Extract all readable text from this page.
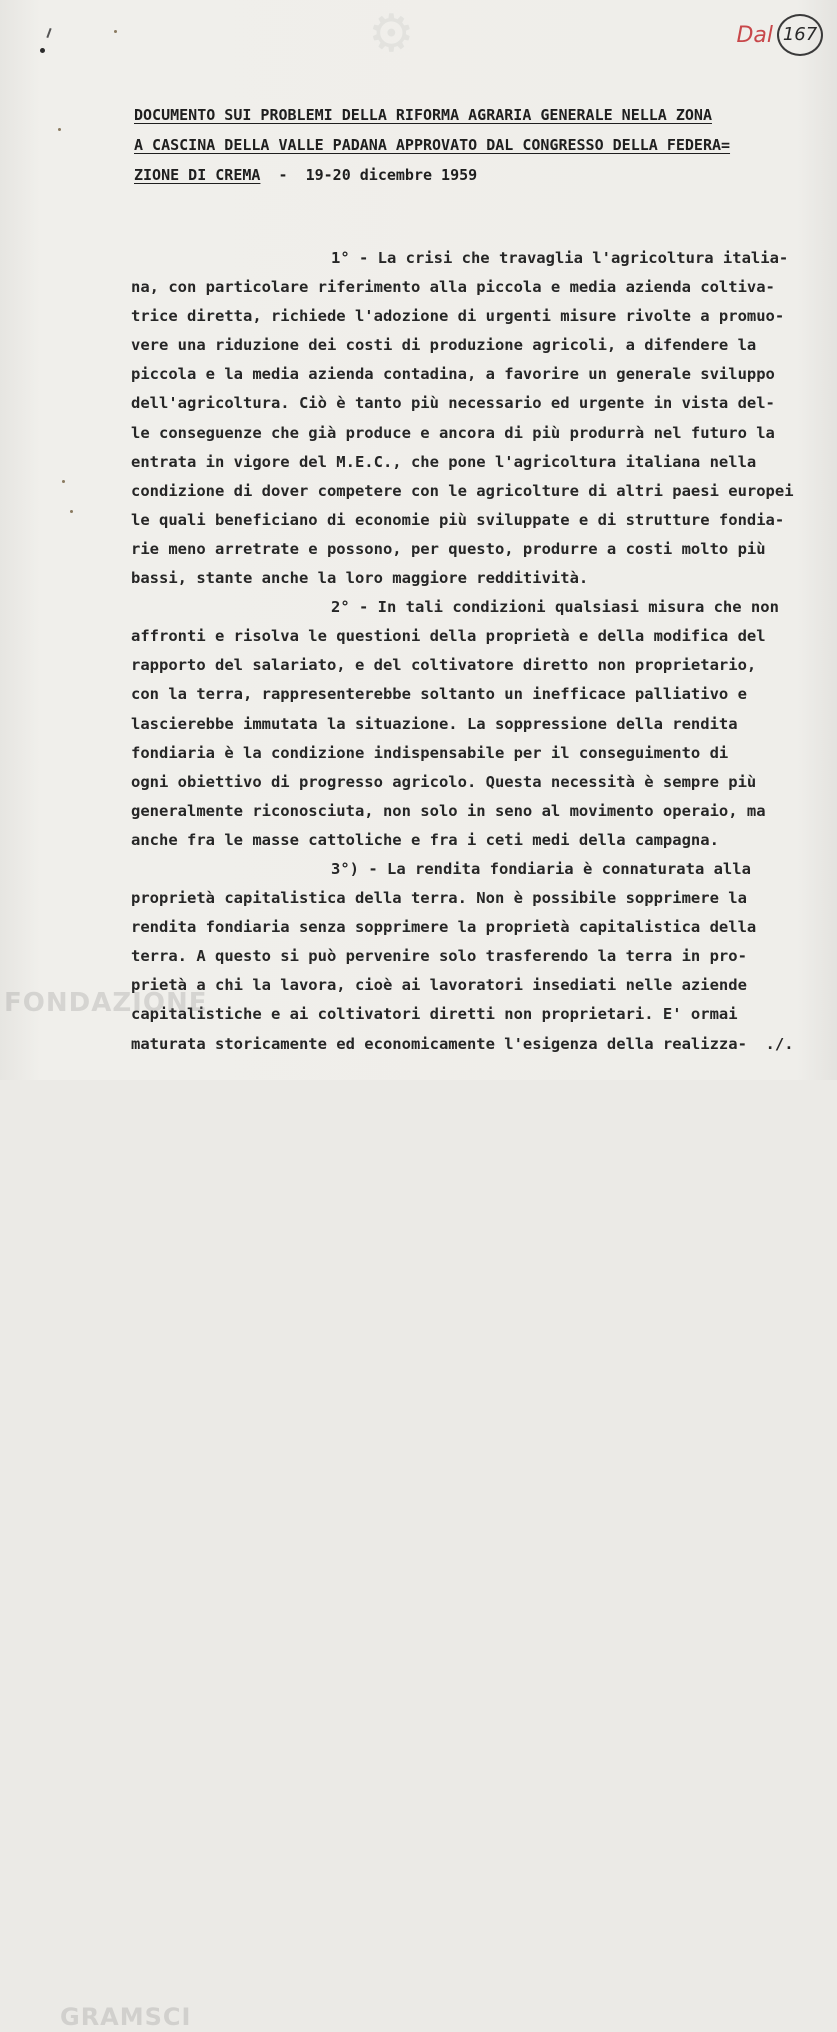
⚙	Dal 167
DOCUMENTO SUI PROBLEMI DELLA RIFORMA AGRARIA GENERALE NELLA ZONA
A CASCINA DELLA VALLE PADANA APPROVATO DAL CONGRESSO DELLA FEDERA=
ZIONE DI CREMA  -  19-20 dicembre 1959
1° - La crisi che travaglia l'agricoltura italia-
na, con particolare riferimento alla piccola e media azienda coltiva-
trice diretta, richiede l'adozione di urgenti misure rivolte a promuo-
vere una riduzione dei costi di produzione agricoli, a difendere la
piccola e la media azienda contadina, a favorire un generale sviluppo
dell'agricoltura. Ciò è tanto più necessario ed urgente in vista del-
le conseguenze che già produce e ancora di più produrrà nel futuro la
entrata in vigore del M.E.C., che pone l'agricoltura italiana nella
condizione di dover competere con le agricolture di altri paesi europei
le quali beneficiano di economie più sviluppate e di strutture fondia-
rie meno arretrate e possono, per questo, produrre a costi molto più
bassi, stante anche la loro maggiore redditività.
2° - In tali condizioni qualsiasi misura che non
affronti e risolva le questioni della proprietà e della modifica del
rapporto del salariato, e del coltivatore diretto non proprietario,
con la terra, rappresenterebbe soltanto un inefficace palliativo e
lascierebbe immutata la situazione. La soppressione della rendita
fondiaria è la condizione indispensabile per il conseguimento di
ogni obiettivo di progresso agricolo. Questa necessità è sempre più
generalmente riconosciuta, non solo in seno al movimento operaio, ma
anche fra le masse cattoliche e fra i ceti medi della campagna.
3°) - La rendita fondiaria è connaturata alla
proprietà capitalistica della terra. Non è possibile sopprimere la
rendita fondiaria senza sopprimere la proprietà capitalistica della
terra. A questo si può pervenire solo trasferendo la terra in pro-
prietà a chi la lavora, cioè ai lavoratori insediati nelle aziende
capitalistiche e ai coltivatori diretti non proprietari. E' ormai
maturata storicamente ed economicamente l'esigenza della realizza-  ./.
FONDAZIONE
GRAMSCI
